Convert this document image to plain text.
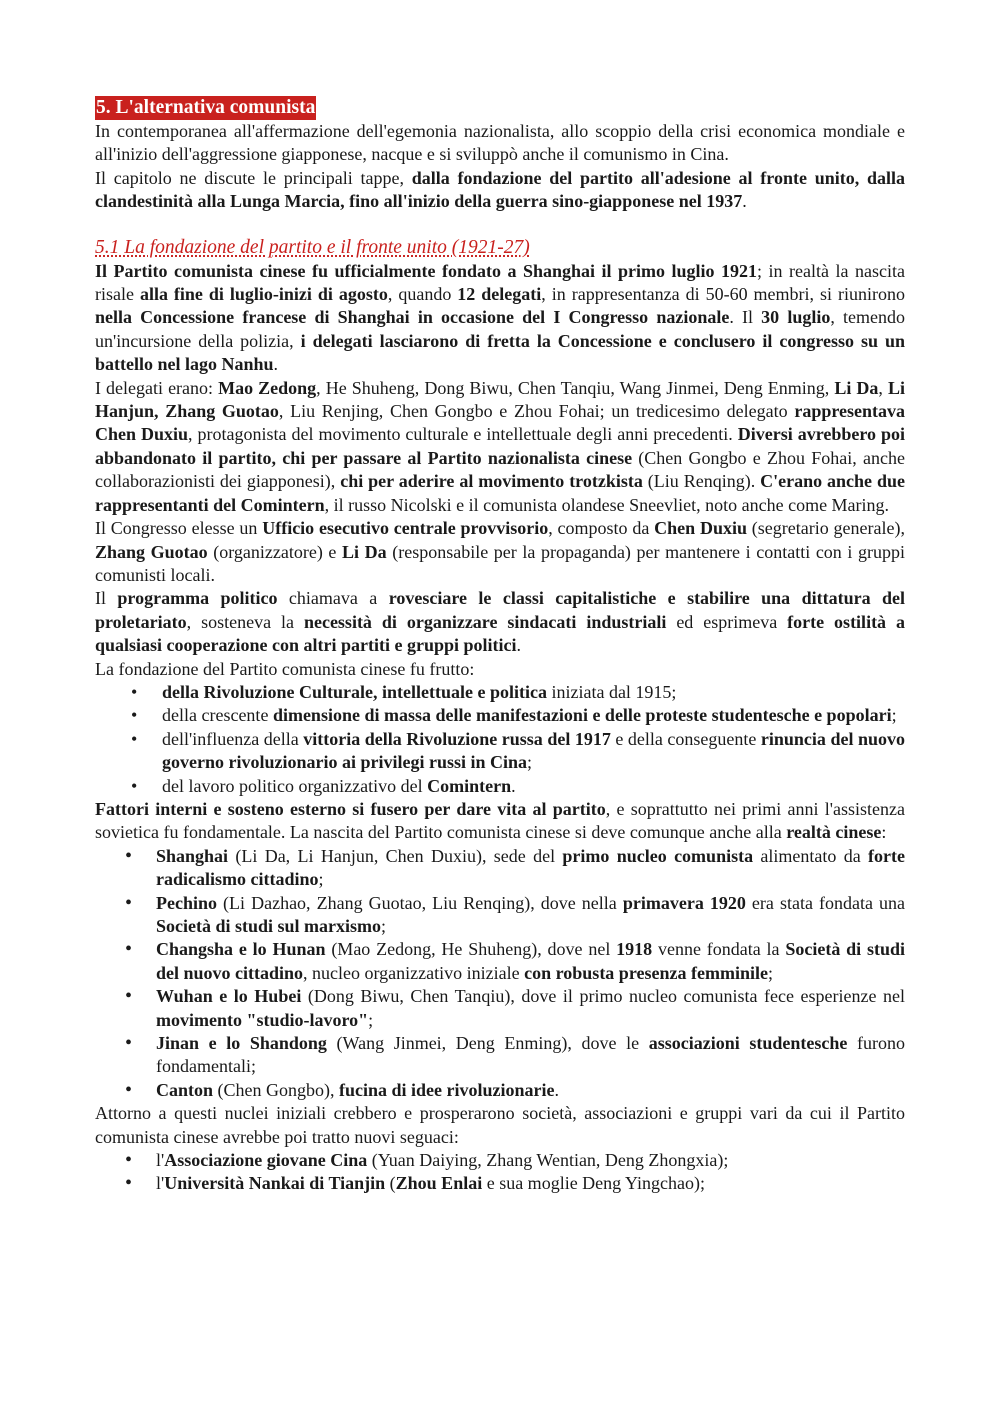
5. L'alternativa comunista

In contemporanea all'affermazione dell'egemonia nazionalista, allo scoppio della crisi economica mondiale e all'inizio dell'aggressione giapponese, nacque e si sviluppò anche il comunismo in Cina.

Il capitolo ne discute le principali tappe, dalla fondazione del partito all'adesione al fronte unito, dalla clandestinità alla Lunga Marcia, fino all'inizio della guerra sino-giapponese nel 1937.

5.1 La fondazione del partito e il fronte unito (1921-27)

Il Partito comunista cinese fu ufficialmente fondato a Shanghai il primo luglio 1921; in realtà la nascita risale alla fine di luglio-inizi di agosto, quando 12 delegati, in rappresentanza di 50-60 membri, si riunirono nella Concessione francese di Shanghai in occasione del I Congresso nazionale. Il 30 luglio, temendo un'incursione della polizia, i delegati lasciarono di fretta la Concessione e conclusero il congresso su un battello nel lago Nanhu.

I delegati erano: Mao Zedong, He Shuheng, Dong Biwu, Chen Tanqiu, Wang Jinmei, Deng Enming, Li Da, Li Hanjun, Zhang Guotao, Liu Renjing, Chen Gongbo e Zhou Fohai; un tredicesimo delegato rappresentava Chen Duxiu, protagonista del movimento culturale e intellettuale degli anni precedenti. Diversi avrebbero poi abbandonato il partito, chi per passare al Partito nazionalista cinese (Chen Gongbo e Zhou Fohai, anche collaborazionisti dei giapponesi), chi per aderire al movimento trotzkista (Liu Renqing). C'erano anche due rappresentanti del Comintern, il russo Nicolski e il comunista olandese Sneevliet, noto anche come Maring.

Il Congresso elesse un Ufficio esecutivo centrale provvisorio, composto da Chen Duxiu (segretario generale), Zhang Guotao (organizzatore) e Li Da (responsabile per la propaganda) per mantenere i contatti con i gruppi comunisti locali.

Il programma politico chiamava a rovesciare le classi capitalistiche e stabilire una dittatura del proletariato, sosteneva la necessità di organizzare sindacati industriali ed esprimeva forte ostilità a qualsiasi cooperazione con altri partiti e gruppi politici.

La fondazione del Partito comunista cinese fu frutto:

• della Rivoluzione Culturale, intellettuale e politica iniziata dal 1915;
• della crescente dimensione di massa delle manifestazioni e delle proteste studentesche e popolari;
• dell'influenza della vittoria della Rivoluzione russa del 1917 e della conseguente rinuncia del nuovo governo rivoluzionario ai privilegi russi in Cina;
• del lavoro politico organizzativo del Comintern.

Fattori interni e sosteno esterno si fusero per dare vita al partito, e soprattutto nei primi anni l'assistenza sovietica fu fondamentale. La nascita del Partito comunista cinese si deve comunque anche alla realtà cinese:

• Shanghai (Li Da, Li Hanjun, Chen Duxiu), sede del primo nucleo comunista alimentato da forte radicalismo cittadino;
• Pechino (Li Dazhao, Zhang Guotao, Liu Renqing), dove nella primavera 1920 era stata fondata una Società di studi sul marxismo;
• Changsha e lo Hunan (Mao Zedong, He Shuheng), dove nel 1918 venne fondata la Società di studi del nuovo cittadino, nucleo organizzativo iniziale con robusta presenza femminile;
• Wuhan e lo Hubei (Dong Biwu, Chen Tanqiu), dove il primo nucleo comunista fece esperienze nel movimento "studio-lavoro";
• Jinan e lo Shandong (Wang Jinmei, Deng Enming), dove le associazioni studentesche furono fondamentali;
• Canton (Chen Gongbo), fucina di idee rivoluzionarie.

Attorno a questi nuclei iniziali crebbero e prosperarono società, associazioni e gruppi vari da cui il Partito comunista cinese avrebbe poi tratto nuovi seguaci:

• l'Associazione giovane Cina (Yuan Daiying, Zhang Wentian, Deng Zhongxia);
• l'Università Nankai di Tianjin (Zhou Enlai e sua moglie Deng Yingchao);
